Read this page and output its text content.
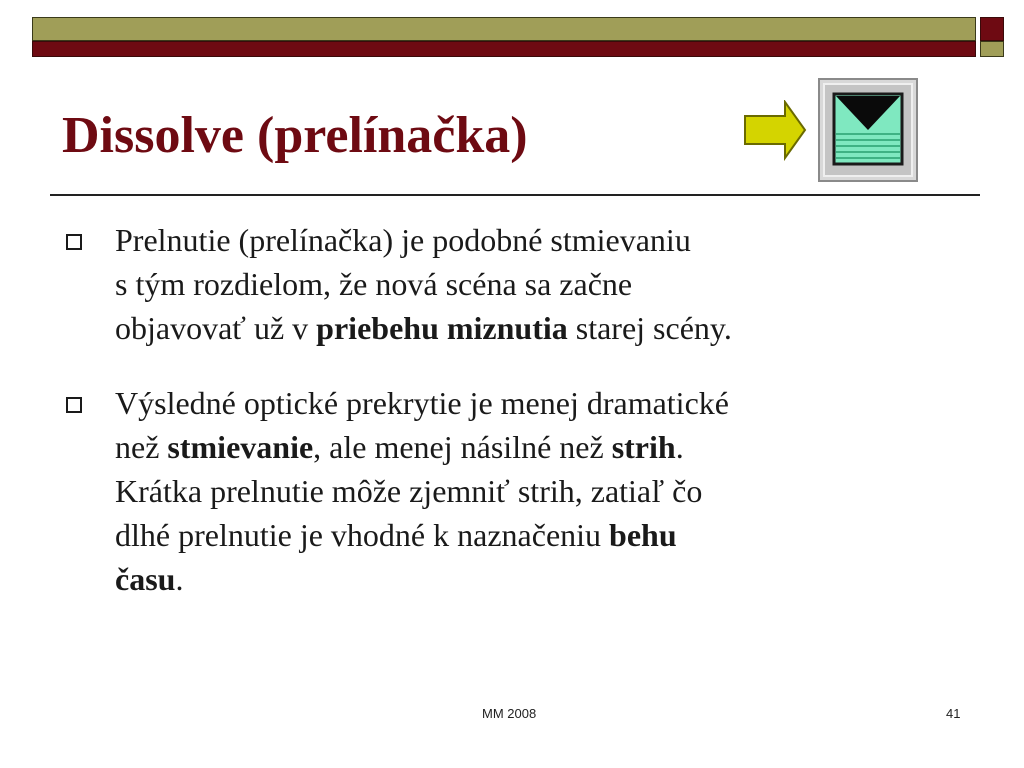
Dissolve (prelínačka)
Prelnutie (prelínačka) je podobné stmievaniu
s tým rozdielom, že nová scéna sa začne
objavovať už v priebehu miznutia starej scény.
Výsledné optické prekrytie je menej dramatické
než stmievanie, ale menej násilné než strih.
Krátka prelnutie môže zjemniť strih, zatiaľ čo
dlhé prelnutie je vhodné k naznačeniu behu
času.
MM 2008	41
